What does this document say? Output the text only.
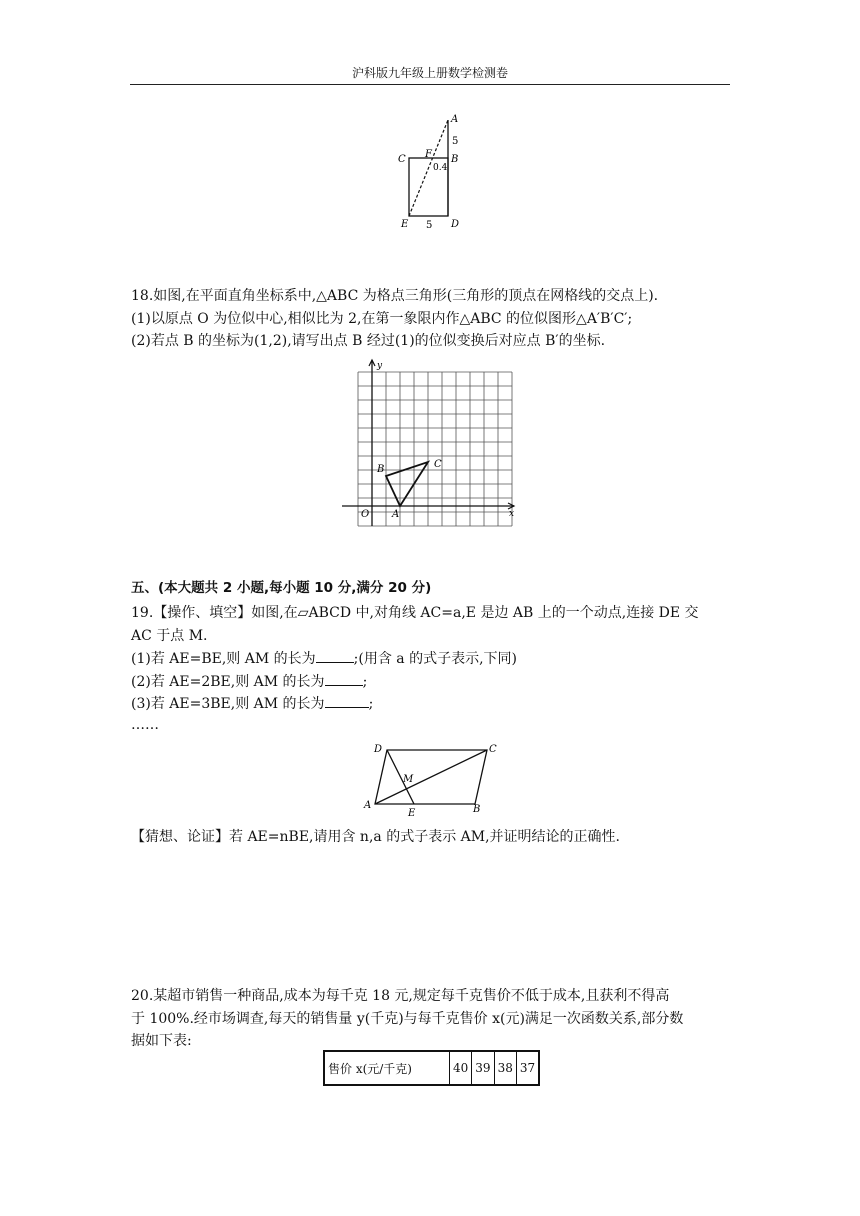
沪科版九年级上册数学检测卷
A
5
C F B
0.4
E 5 D
18.如图,在平面直角坐标系中,△ABC 为格点三角形(三角形的顶点在网格线的交点上).
(1)以原点 O 为位似中心,相似比为 2,在第一象限内作△ABC 的位似图形△A′B′C′;
(2)若点 B 的坐标为(1,2),请写出点 B 经过(1)的位似变换后对应点 B′的坐标.
y
x
O A
B	C
五、(本大题共 2 小题,每小题 10 分,满分 20 分)
19.【操作、填空】如图,在▱ABCD 中,对角线 AC=a,E 是边 AB 上的一个动点,连接 DE 交
AC 于点 M.
(1)若 AE=BE,则 AM 的长为	;(用含 a 的式子表示,下同)
(2)若 AE=2BE,则 AM 的长为	;
(3)若 AE=3BE,则 AM 的长为	;
……
D	C
M
A
E	B
【猜想、论证】若 AE=nBE,请用含 n,a 的式子表示 AM,并证明结论的正确性.
20.某超市销售一种商品,成本为每千克 18 元,规定每千克售价不低于成本,且获利不得高
于 100%.经市场调查,每天的销售量 y(千克)与每千克售价 x(元)满足一次函数关系,部分数
据如下表:
售价 x(元/千克)	40	39	38	37
